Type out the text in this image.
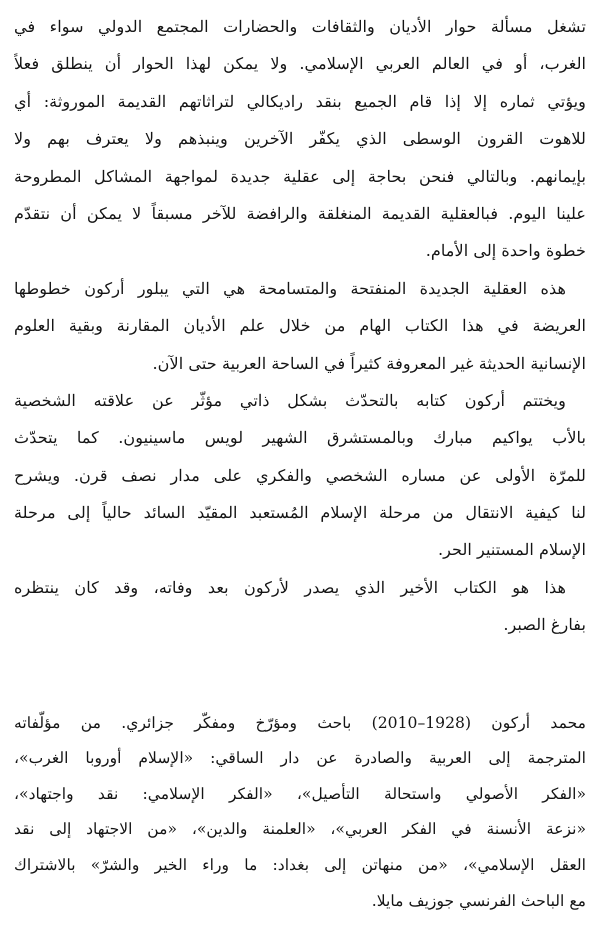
تشغل مسألة حوار الأديان والثقافات والحضارات المجتمع الدولي سواء في
الغرب، أو في العالم العربي الإسلامي. ولا يمكن لهذا الحوار أن ينطلق فعلاً
ويؤتي ثماره إلا إذا قام الجميع بنقد راديكالي لتراثاتهم القديمة الموروثة: أي
للاهوت القرون الوسطى الذي يكفّر الآخرين وينبذهم ولا يعترف بهم ولا
بإيمانهم. وبالتالي فنحن بحاجة إلى عقلية جديدة لمواجهة المشاكل المطروحة
علينا اليوم. فبالعقلية القديمة المنغلقة والرافضة للآخر مسبقاً لا يمكن أن نتقدّم
خطوة واحدة إلى الأمام.
هذه العقلية الجديدة المنفتحة والمتسامحة هي التي يبلور أركون خطوطها
العريضة في هذا الكتاب الهام من خلال علم الأديان المقارنة وبقية العلوم
الإنسانية الحديثة غير المعروفة كثيراً في الساحة العربية حتى الآن.
ويختتم أركون كتابه بالتحدّث بشكل ذاتي مؤثّر عن علاقته الشخصية
بالأب يواكيم مبارك وبالمستشرق الشهير لويس ماسينيون. كما يتحدّث
للمرّة الأولى عن مساره الشخصي والفكري على مدار نصف قرن. ويشرح
لنا كيفية الانتقال من مرحلة الإسلام المُستعبد المقيّد السائد حالياً إلى مرحلة
الإسلام المستنير الحر.
هذا هو الكتاب الأخير الذي يصدر لأركون بعد وفاته، وقد كان ينتظره
بفارغ الصبر.
محمد أركون (1928–2010) باحث ومؤرّخ ومفكّر جزائري. من مؤلّفاته
المترجمة إلى العربية والصادرة عن دار الساقي: «الإسلام أوروبا الغرب»،
«الفكر الأصولي واستحالة التأصيل»، «الفكر الإسلامي: نقد واجتهاد»،
«نزعة الأنسنة في الفكر العربي»، «العلمنة والدين»، «من الاجتهاد إلى نقد
العقل الإسلامي»، «من منهاتن إلى بغداد: ما وراء الخير والشرّ» بالاشتراك
مع الباحث الفرنسي جوزيف مايلا.
